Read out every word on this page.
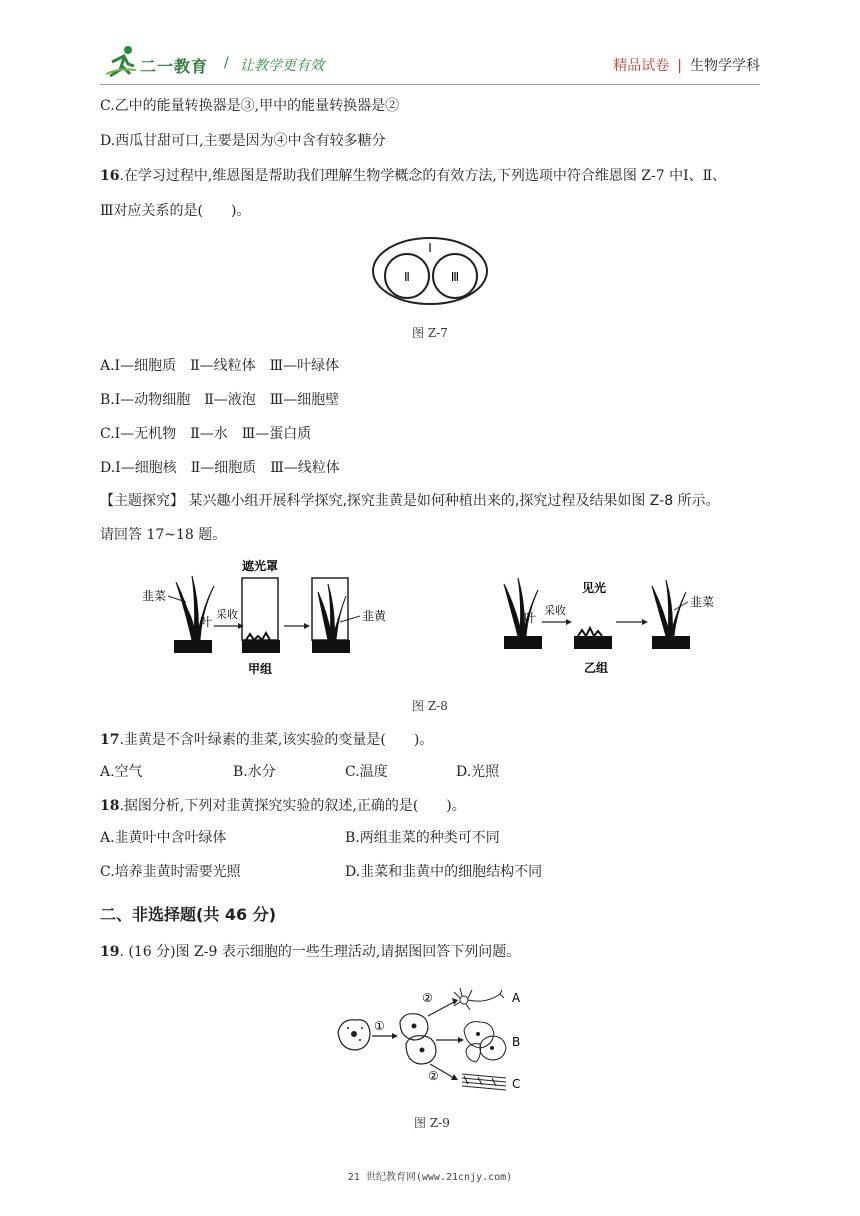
二一教育 / 让教学更有效	精品试卷 | 生物学学科
C.乙中的能量转换器是③,甲中的能量转换器是②
D.西瓜甘甜可口,主要是因为④中含有较多糖分
16.在学习过程中,维恩图是帮助我们理解生物学概念的有效方法,下列选项中符合维恩图 Z-7 中Ⅰ、Ⅱ、
Ⅲ对应关系的是(　　)。
Ⅰ
Ⅱ	Ⅲ
图 Z-7
A.Ⅰ—细胞质　Ⅱ—线粒体　Ⅲ—叶绿体
B.Ⅰ—动物细胞　Ⅱ—液泡　Ⅲ—细胞壁
C.Ⅰ—无机物　Ⅱ—水　Ⅲ—蛋白质
D.Ⅰ—细胞核　Ⅱ—细胞质　Ⅲ—线粒体
【主题探究】 某兴趣小组开展科学探究,探究韭黄是如何种植出来的,探究过程及结果如图 Z-8 所示。
请回答 17~18 题。
韭菜
叶
采收
遮光罩
甲组
韭黄	叶
采收
见光
乙组
韭菜
图 Z-8
17.韭黄是不含叶绿素的韭菜,该实验的变量是(　　)。
A.空气	B.水分	C.温度	D.光照
18.据图分析,下列对韭黄探究实验的叙述,正确的是(　　)。
A.韭黄叶中含叶绿体	B.两组韭菜的种类可不同
C.培养韭黄时需要光照	D.韭菜和韭黄中的细胞结构不同
二、非选择题(共 46 分)
19. (16 分)图 Z-9 表示细胞的一些生理活动,请据图回答下列问题。
①
②
②
A
B
C
图 Z-9
21 世纪教育网(www.21cnjy.com)
